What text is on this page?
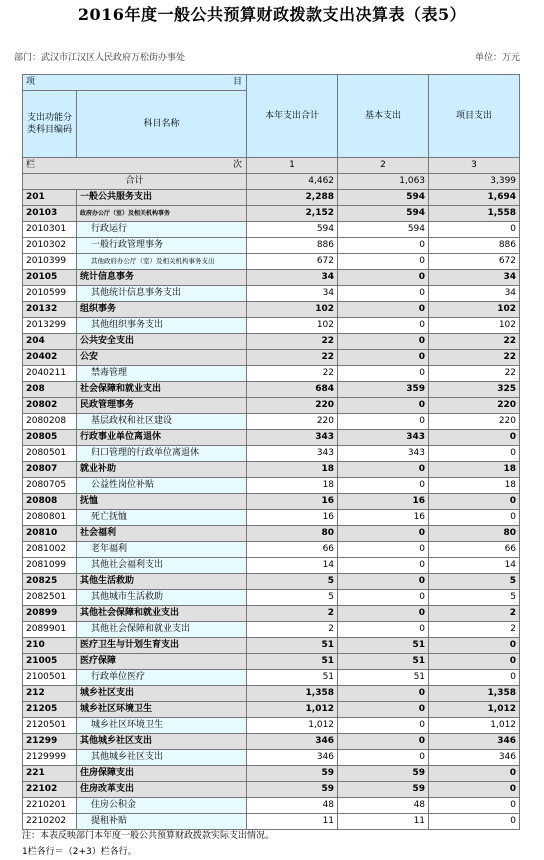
2016年度一般公共预算财政拨款支出决算表（表5）
部门：武汉市江汉区人民政府万松街办事处	单位：万元
项 目		本年支出合计	基本支出	项目支出
支出功能分类科目编码	科目名称			
栏 次		1	2	3
合计		4,462	1,063	3,399
201	一般公共服务支出	2,288	594	1,694
20103	政府办公厅（室）及相关机构事务	2,152	594	1,558
2010301	行政运行	594	594	0
2010302	一般行政管理事务	886	0	886
2010399	其他政府办公厅（室）及相关机构事务支出	672	0	672
20105	统计信息事务	34	0	34
2010599	其他统计信息事务支出	34	0	34
20132	组织事务	102	0	102
2013299	其他组织事务支出	102	0	102
204	公共安全支出	22	0	22
20402	公安	22	0	22
2040211	禁毒管理	22	0	22
208	社会保障和就业支出	684	359	325
20802	民政管理事务	220	0	220
2080208	基层政权和社区建设	220	0	220
20805	行政事业单位离退休	343	343	0
2080501	归口管理的行政单位离退休	343	343	0
20807	就业补助	18	0	18
2080705	公益性岗位补贴	18	0	18
20808	抚恤	16	16	0
2080801	死亡抚恤	16	16	0
20810	社会福利	80	0	80
2081002	老年福利	66	0	66
2081099	其他社会福利支出	14	0	14
20825	其他生活救助	5	0	5
2082501	其他城市生活救助	5	0	5
20899	其他社会保障和就业支出	2	0	2
2089901	其他社会保障和就业支出	2	0	2
210	医疗卫生与计划生育支出	51	51	0
21005	医疗保障	51	51	0
2100501	行政单位医疗	51	51	0
212	城乡社区支出	1,358	0	1,358
21205	城乡社区环境卫生	1,012	0	1,012
2120501	城乡社区环境卫生	1,012	0	1,012
21299	其他城乡社区支出	346	0	346
2129999	其他城乡社区支出	346	0	346
221	住房保障支出	59	59	0
22102	住房改革支出	59	59	0
2210201	住房公积金	48	48	0
2210202	提租补贴	11	11	0
注：本表反映部门本年度一般公共预算财政拨款实际支出情况。
1栏各行＝（2+3）栏各行。
